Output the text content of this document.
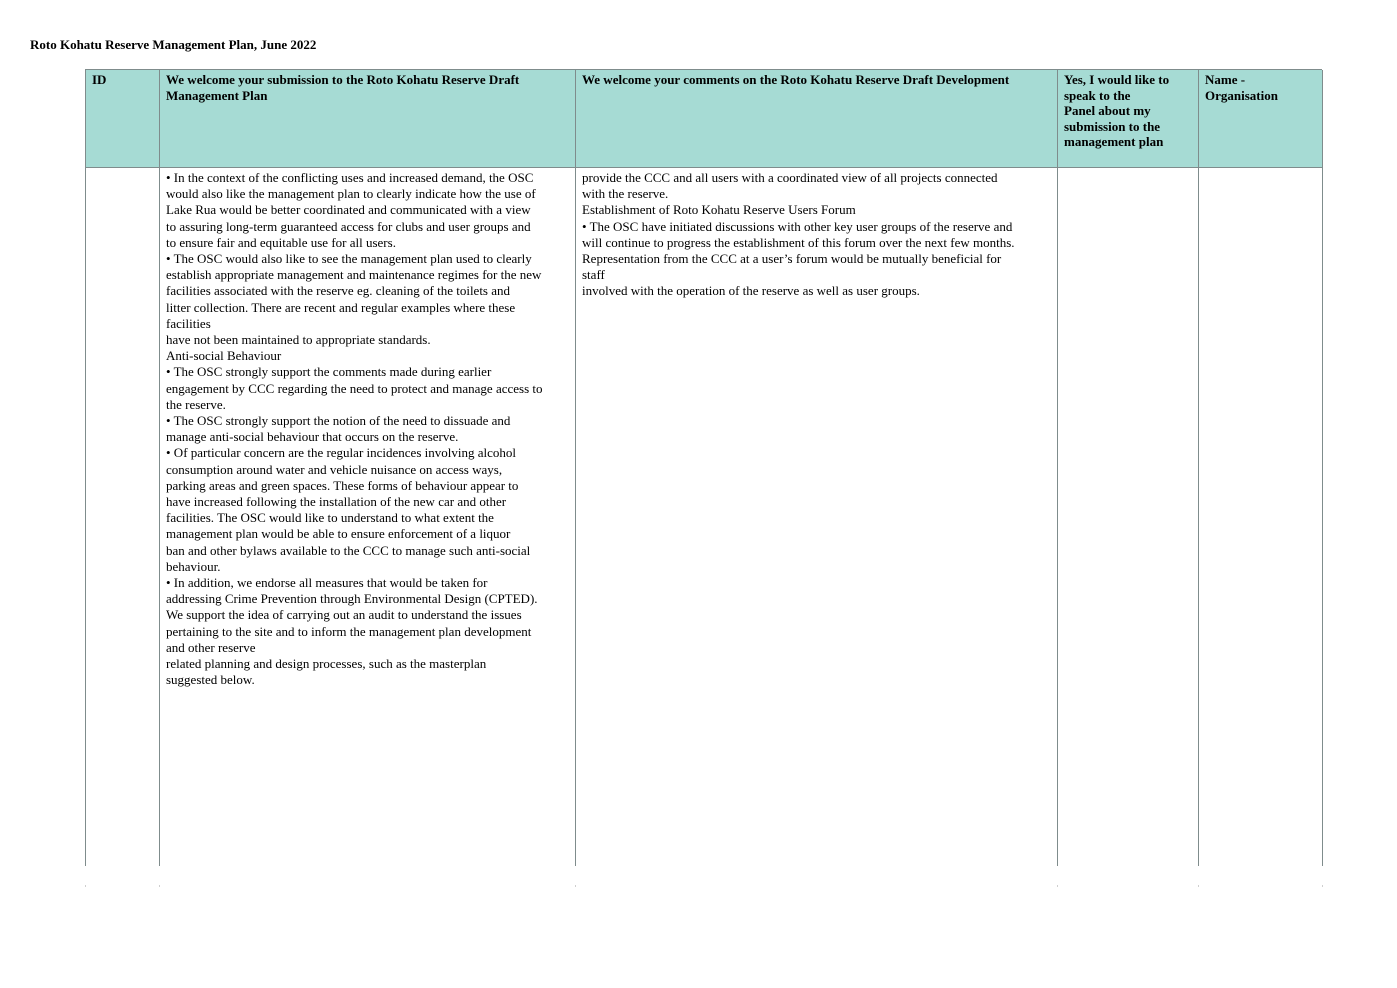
Roto Kohatu Reserve Management Plan, June 2022
ID	We welcome your submission to the Roto Kohatu Reserve Draft
Management Plan

• In the context of the conflicting uses and increased demand, the OSC

would also like the management plan to clearly indicate how the use of

Lake Rua would be better coordinated and communicated with a view

to assuring long-term guaranteed access for clubs and user groups and

to ensure fair and equitable use for all users.

• The OSC would also like to see the management plan used to clearly

establish appropriate management and maintenance regimes for the new

facilities associated with the reserve eg. cleaning of the toilets and

litter collection. There are recent and regular examples where these

facilities

have not been maintained to appropriate standards.

Anti-social Behaviour

• The OSC strongly support the comments made during earlier

engagement by CCC regarding the need to protect and manage access to

the reserve.

• The OSC strongly support the notion of the need to dissuade and

manage anti-social behaviour that occurs on the reserve.

• Of particular concern are the regular incidences involving alcohol

consumption around water and vehicle nuisance on access ways,

parking areas and green spaces. These forms of behaviour appear to

have increased following the installation of the new car and other

facilities. The OSC would like to understand to what extent the

management plan would be able to ensure enforcement of a liquor

ban and other bylaws available to the CCC to manage such anti-social

behaviour.

• In addition, we endorse all measures that would be taken for

addressing Crime Prevention through Environmental Design (CPTED).

We support the idea of carrying out an audit to understand the issues

pertaining to the site and to inform the management plan development

and other reserve

related planning and design processes, such as the masterplan

suggested below.

We welcome your comments on the Roto Kohatu Reserve Draft Development

provide the CCC and all users with a coordinated view of all projects connected

with the reserve.

Establishment of Roto Kohatu Reserve Users Forum

• The OSC have initiated discussions with other key user groups of the reserve and

will continue to progress the establishment of this forum over the next few months.

Representation from the CCC at a user’s forum would be mutually beneficial for

staff

involved with the operation of the reserve as well as user groups.

Yes, I would like to
speak to the
Panel about my
submission to the
management plan
Name -
Organisation
